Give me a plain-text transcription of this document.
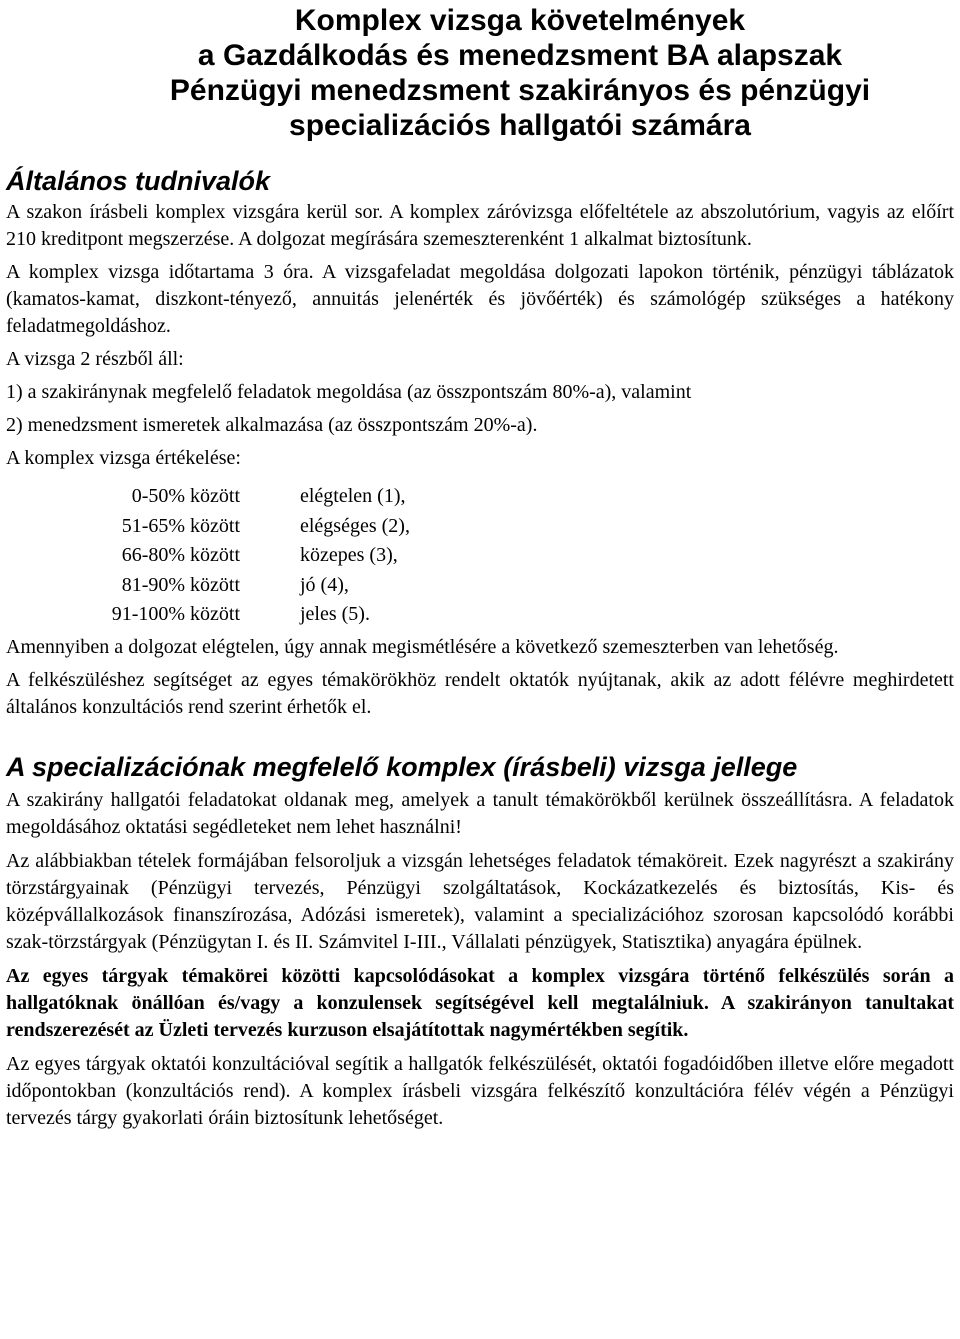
Komplex vizsga követelmények
a Gazdálkodás és menedzsment BA alapszak
Pénzügyi menedzsment szakirányos és pénzügyi
specializációs hallgatói számára
Általános tudnivalók

A szakon írásbeli komplex vizsgára kerül sor. A komplex záróvizsga előfeltétele az abszolutórium, vagyis az előírt 210 kreditpont megszerzése. A dolgozat megírására szemeszterenként 1 alkalmat biztosítunk.

A komplex vizsga időtartama 3 óra. A vizsgafeladat megoldása dolgozati lapokon történik, pénzügyi táblázatok (kamatos-kamat, diszkont-tényező, annuitás jelenérték és jövőérték) és számológép szükséges a hatékony feladatmegoldáshoz.

A vizsga 2 részből áll:

1) a szakiránynak megfelelő feladatok megoldása (az összpontszám 80%-a), valamint

2) menedzsment ismeretek alkalmazása (az összpontszám 20%-a).

A komplex vizsga értékelése:

0-50% között	elégtelen (1),
51-65% között	elégséges (2),
66-80% között	közepes (3),
81-90% között	jó (4),
91-100% között	jeles (5).

Amennyiben a dolgozat elégtelen, úgy annak megismétlésére a következő szemeszterben van lehetőség.

A felkészüléshez segítséget az egyes témakörökhöz rendelt oktatók nyújtanak, akik az adott félévre meghirdetett általános konzultációs rend szerint érhetők el.

A specializációnak megfelelő komplex (írásbeli) vizsga jellege

A szakirány hallgatói feladatokat oldanak meg, amelyek a tanult témakörökből kerülnek összeállításra. A feladatok megoldásához oktatási segédleteket nem lehet használni!

Az alábbiakban tételek formájában felsoroljuk a vizsgán lehetséges feladatok témaköreit. Ezek nagyrészt a szakirány törzstárgyainak (Pénzügyi tervezés, Pénzügyi szolgáltatások, Kockázatkezelés és biztosítás, Kis- és középvállalkozások finanszírozása, Adózási ismeretek), valamint a specializációhoz szorosan kapcsolódó korábbi szak-törzstárgyak (Pénzügytan I. és II. Számvitel I-III., Vállalati pénzügyek, Statisztika) anyagára épülnek.

Az egyes tárgyak témakörei közötti kapcsolódásokat a komplex vizsgára történő felkészülés során a hallgatóknak önállóan és/vagy a konzulensek segítségével kell megtalálniuk. A szakirányon tanultakat rendszerezését az Üzleti tervezés kurzuson elsajátítottak nagymértékben segítik.

Az egyes tárgyak oktatói konzultációval segítik a hallgatók felkészülését, oktatói fogadóidőben illetve előre megadott időpontokban (konzultációs rend). A komplex írásbeli vizsgára felkészítő konzultációra félév végén a Pénzügyi tervezés tárgy gyakorlati óráin biztosítunk lehetőséget.
